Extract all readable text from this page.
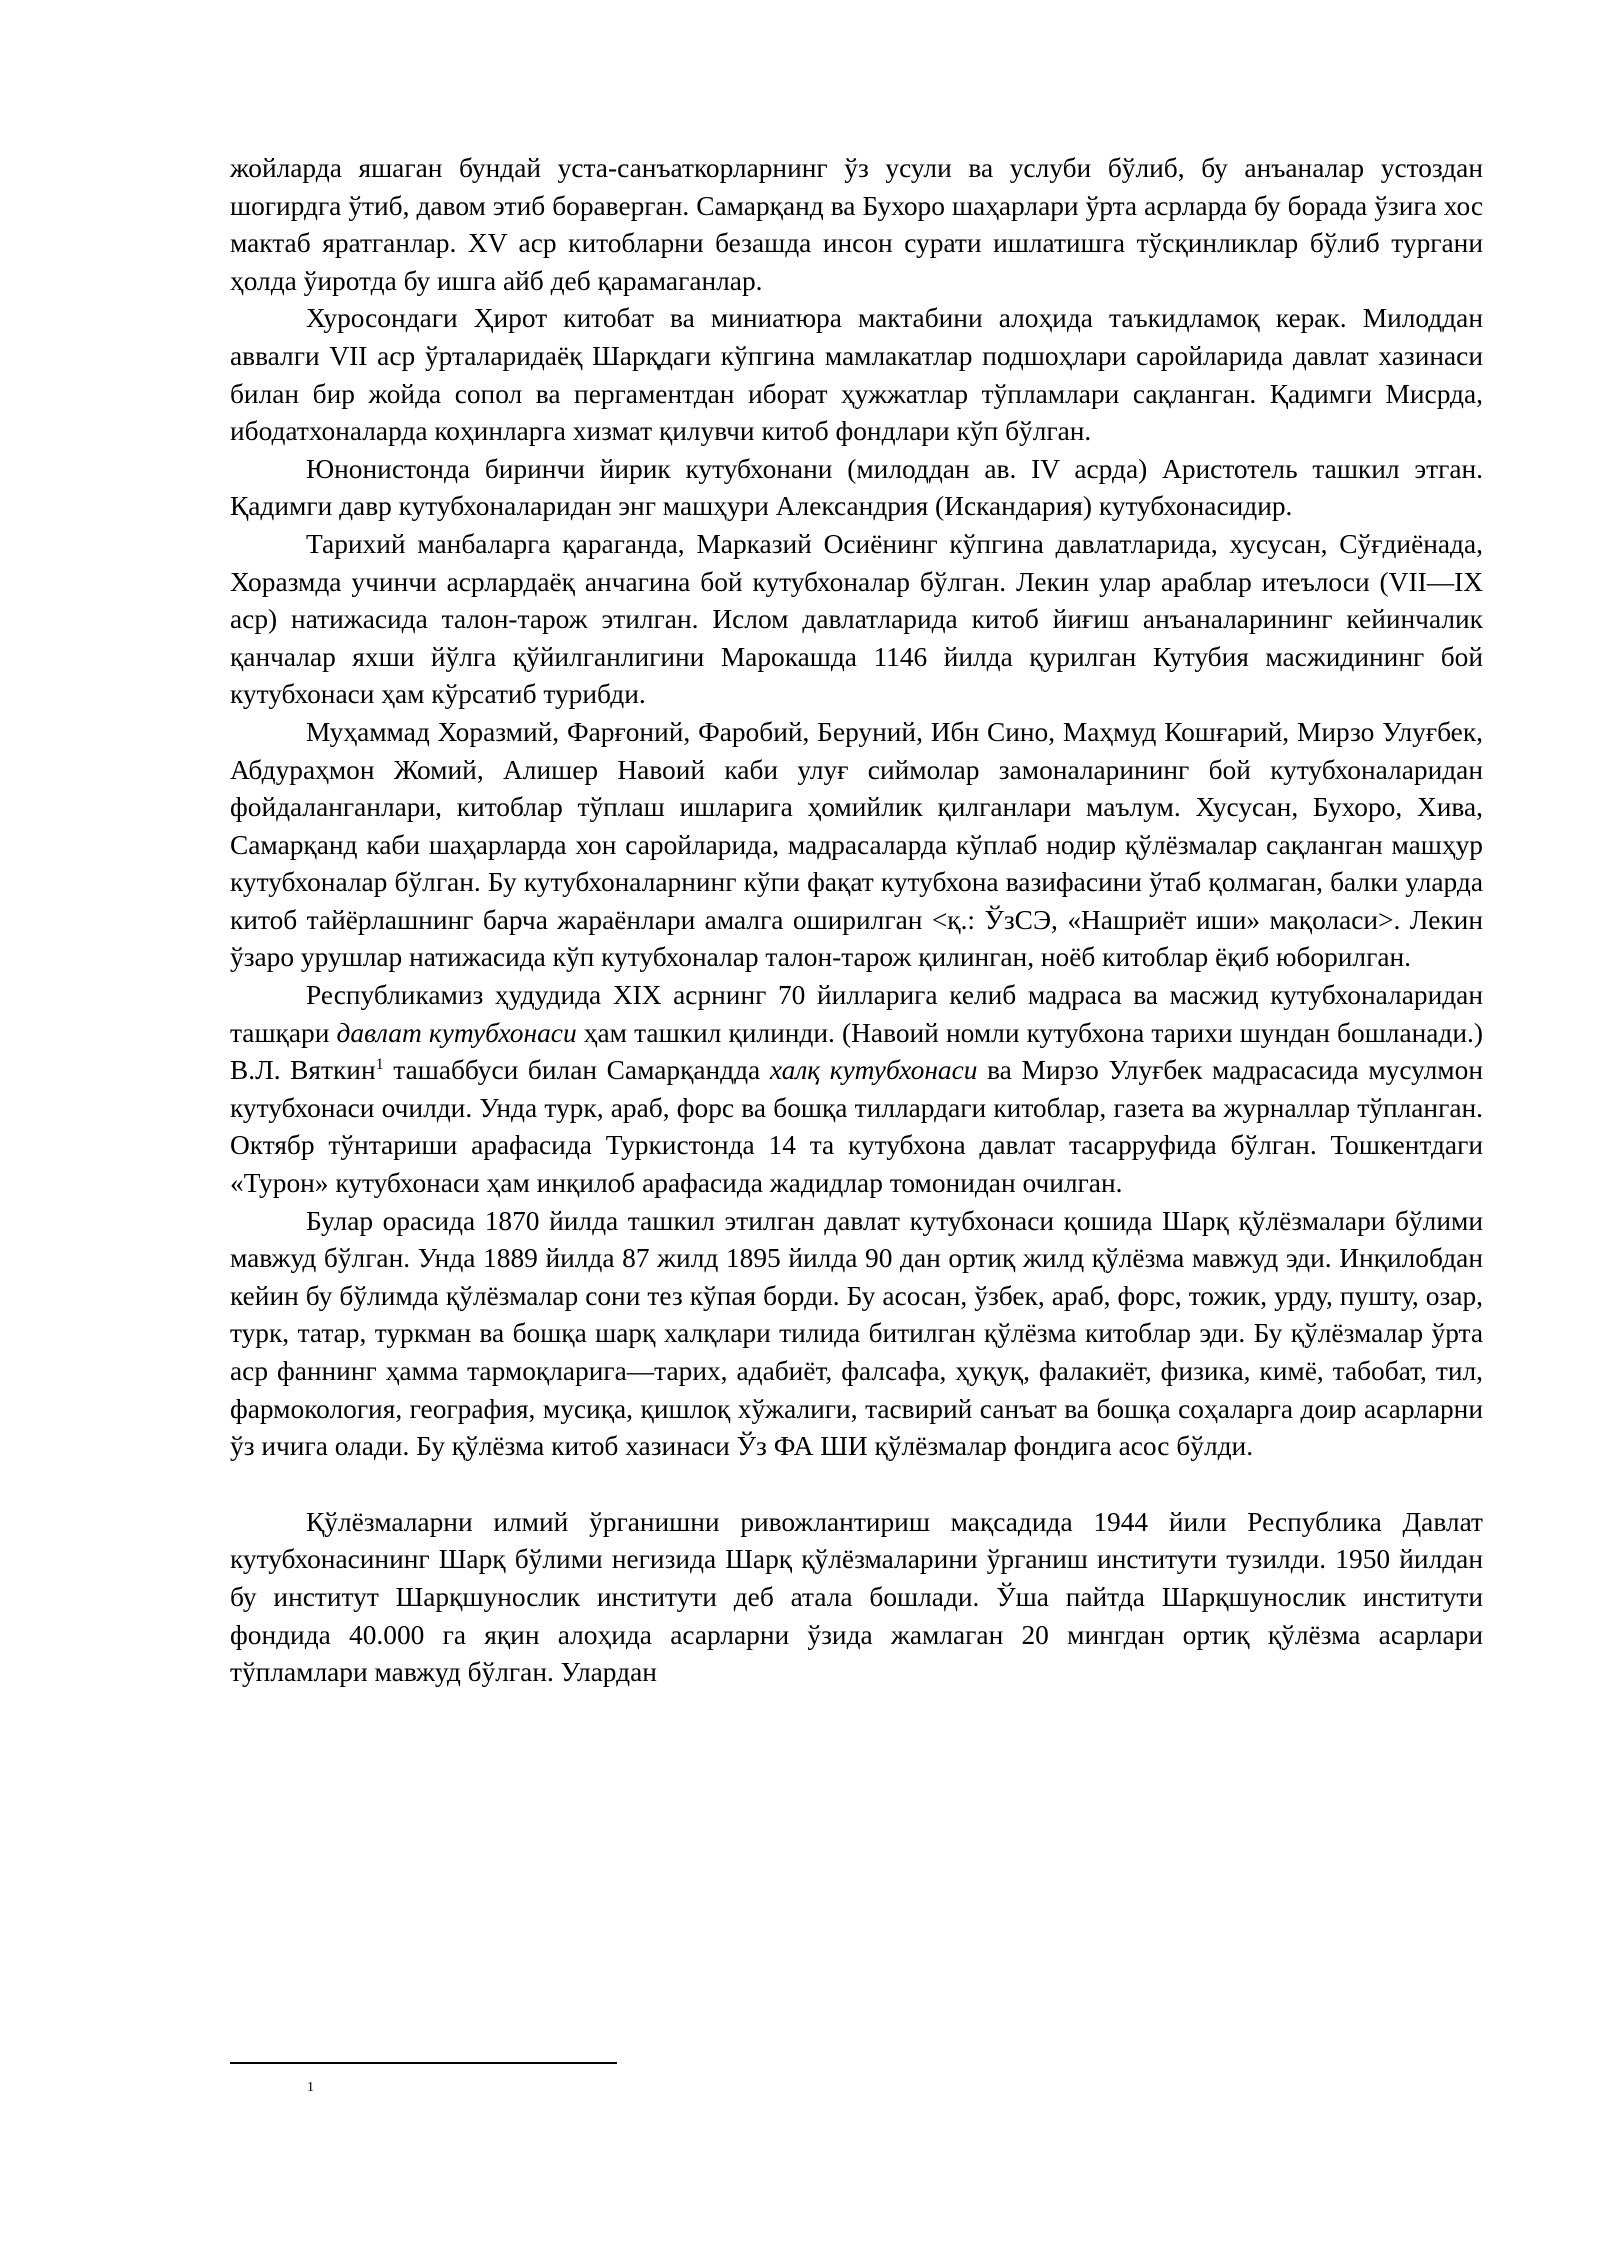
жойларда яшаган бундай уста-санъаткорларнинг ўз усули ва услуби бўлиб, бу анъаналар устоздан шогирдга ўтиб, давом этиб бораверган. Самарқанд ва Бухоро шаҳарлари ўрта асрларда бу борада ўзига хос мактаб яратганлар. XV аср китобларни безашда инсон сурати ишлатишга тўсқинликлар бўлиб тургани ҳолда ўиротда бу ишга айб деб қарамаганлар.

Хуросондаги Ҳирот китобат ва миниатюра мактабини алоҳида таъкидламоқ керак. Милоддан аввалги VII аср ўрталаридаёқ Шарқдаги кўпгина мамлакатлар подшоҳлари саройларида давлат хазинаси билан бир жойда сопол ва пергаментдан иборат ҳужжатлар тўпламлари сақланган. Қадимги Мисрда, ибодатхоналарда коҳинларга хизмат қилувчи китоб фондлари кўп бўлган.

Юнонистонда биринчи йирик кутубхонани (милоддан ав. IV асрда) Аристотель ташкил этган. Қадимги давр кутубхоналаридан энг машҳури Александрия (Искандария) кутубхонасидир.

Тарихий манбаларга қараганда, Марказий Осиёнинг кўпгина давлатларида, хусусан, Сўғдиёнада, Хоразмда учинчи асрлардаёқ анчагина бой кутубхоналар бўлган. Лекин улар араблар итеълоси (VII—IX аср) натижасида талон-тарож этилган. Ислом давлатларида китоб йиғиш анъаналарининг кейинчалик қанчалар яхши йўлга қўйилганлигини Марокашда 1146 йилда қурилган Кутубия масжидининг бой кутубхонаси ҳам кўрсатиб турибди.

Муҳаммад Хоразмий, Фарғоний, Фаробий, Беруний, Ибн Сино, Маҳмуд Кошғарий, Мирзо Улуғбек, Абдураҳмон Жомий, Алишер Навоий каби улуғ сиймолар замоналарининг бой кутубхоналаридан фойдаланганлари, китоблар тўплаш ишларига ҳомийлик қилганлари маълум. Хусусан, Бухоро, Хива, Самарқанд каби шаҳарларда хон саройларида, мадрасаларда кўплаб нодир қўлёзмалар сақланган машҳур кутубхоналар бўлган. Бу кутубхоналарнинг кўпи фақат кутубхона вазифасини ўтаб қолмаган, балки уларда китоб тайёрлашнинг барча жараёнлари амалга оширилган <қ.: ЎзСЭ, «Нашриёт иши» мақоласи>. Лекин ўзаро урушлар натижасида кўп кутубхоналар талон-тарож қилинган, ноёб китоблар ёқиб юборилган.

Республикамиз ҳудудида XIX асрнинг 70 йилларига келиб мадраса ва масжид кутубхоналаридан ташқари давлат кутубхонаси ҳам ташкил қилинди. (Навоий номли кутубхона тарихи шундан бошланади.) В.Л. Вяткин$^1$ ташаббуси билан Самарқандда халқ кутубхонаси ва Мирзо Улуғбек мадрасасида мусулмон кутубхонаси очилди. Унда турк, араб, форс ва бошқа тиллардаги китоблар, газета ва журналлар тўпланган. Октябр тўнтариши арафасида Туркистонда 14 та кутубхона давлат тасарруфида бўлган. Тошкентдаги «Турон» кутубхонаси ҳам инқилоб арафасида жадидлар томонидан очилган.

Булар орасида 1870 йилда ташкил этилган давлат кутубхонаси қошида Шарқ қўлёзмалари бўлими мавжуд бўлган. Унда 1889 йилда 87 жилд 1895 йилда 90 дан ортиқ жилд қўлёзма мавжуд эди. Инқилобдан кейин бу бўлимда қўлёзмалар сони тез кўпая борди. Бу асосан, ўзбек, араб, форс, тожик, урду, пушту, озар, турк, татар, туркман ва бошқа шарқ халқлари тилида битилган қўлёзма китоблар эди. Бу қўлёзмалар ўрта аср фаннинг ҳамма тармоқларига—тарих, адабиёт, фалсафа, ҳуқуқ, фалакиёт, физика, кимё, табобат, тил, фармокология, география, мусиқа, қишлоқ хўжалиги, тасвирий санъат ва бошқа соҳаларга доир асарларни ўз ичига олади. Бу қўлёзма китоб хазинаси Ўз ФА ШИ қўлёзмалар фондига асос бўлди.

Қўлёзмаларни илмий ўрганишни ривожлантириш мақсадида 1944 йили Республика Давлат кутубхонасининг Шарқ бўлими негизида Шарқ қўлёзмаларини ўрганиш институти тузилди. 1950 йилдан бу институт Шарқшунослик институти деб атала бошлади. Ўша пайтда Шарқшунослик институти фондида 40.000 га яқин алоҳида асарларни ўзида жамлаган 20 мингдан ортиқ қўлёзма асарлари тўпламлари мавжуд бўлган. Улардан

1
